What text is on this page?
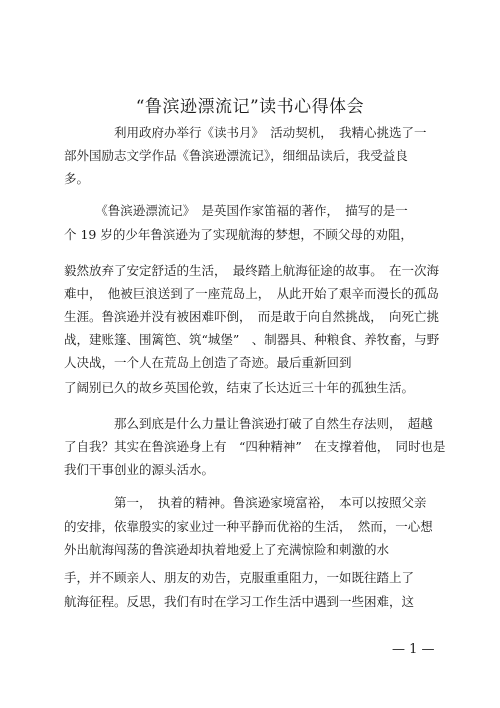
“鲁滨逊漂流记”读书心得体会
　　　　利用政府办举行《读书月》　活动契机，　我精心挑选了一
部外国励志文学作品《鲁滨逊漂流记》，细细品读后，我受益良
多。
　　　《鲁滨逊漂流记》　是英国作家笛福的著作，　描写的是一
个 19 岁的少年鲁滨逊为了实现航海的梦想，不顾父母的劝阻，
毅然放弃了安定舒适的生活，　最终踏上航海征途的故事。　在一次海
难中，　他被巨浪送到了一座荒岛上，　从此开始了艰辛而漫长的孤岛
生涯。鲁滨逊并没有被困难吓倒，　而是敢于向自然挑战，　向死亡挑
战，建账篷、围篱笆、筑“城堡”　、制器具、种粮食、养牧畜，与野
人决战，一个人在荒岛上创造了奇迹。最后重新回到
了阔别已久的故乡英国伦敦，结束了长达近三十年的孤独生活。
　　　　那么到底是什么力量让鲁滨逊打破了自然生存法则，　超越
了自我？其实在鲁滨逊身上有　“四种精神”　在支撑着他，　同时也是
我们干事创业的源头活水。
　　　　第一，　执着的精神。鲁滨逊家境富裕，　本可以按照父亲
的安排，依靠殷实的家业过一种平静而优裕的生活，　然而，一心想
外出航海闯荡的鲁滨逊却执着地爱上了充满惊险和刺激的水
手，并不顾亲人、朋友的劝告，克服重重阻力，一如既往踏上了
航海征程。反思，我们有时在学习工作生活中遇到一些困难，这
— 1 —
